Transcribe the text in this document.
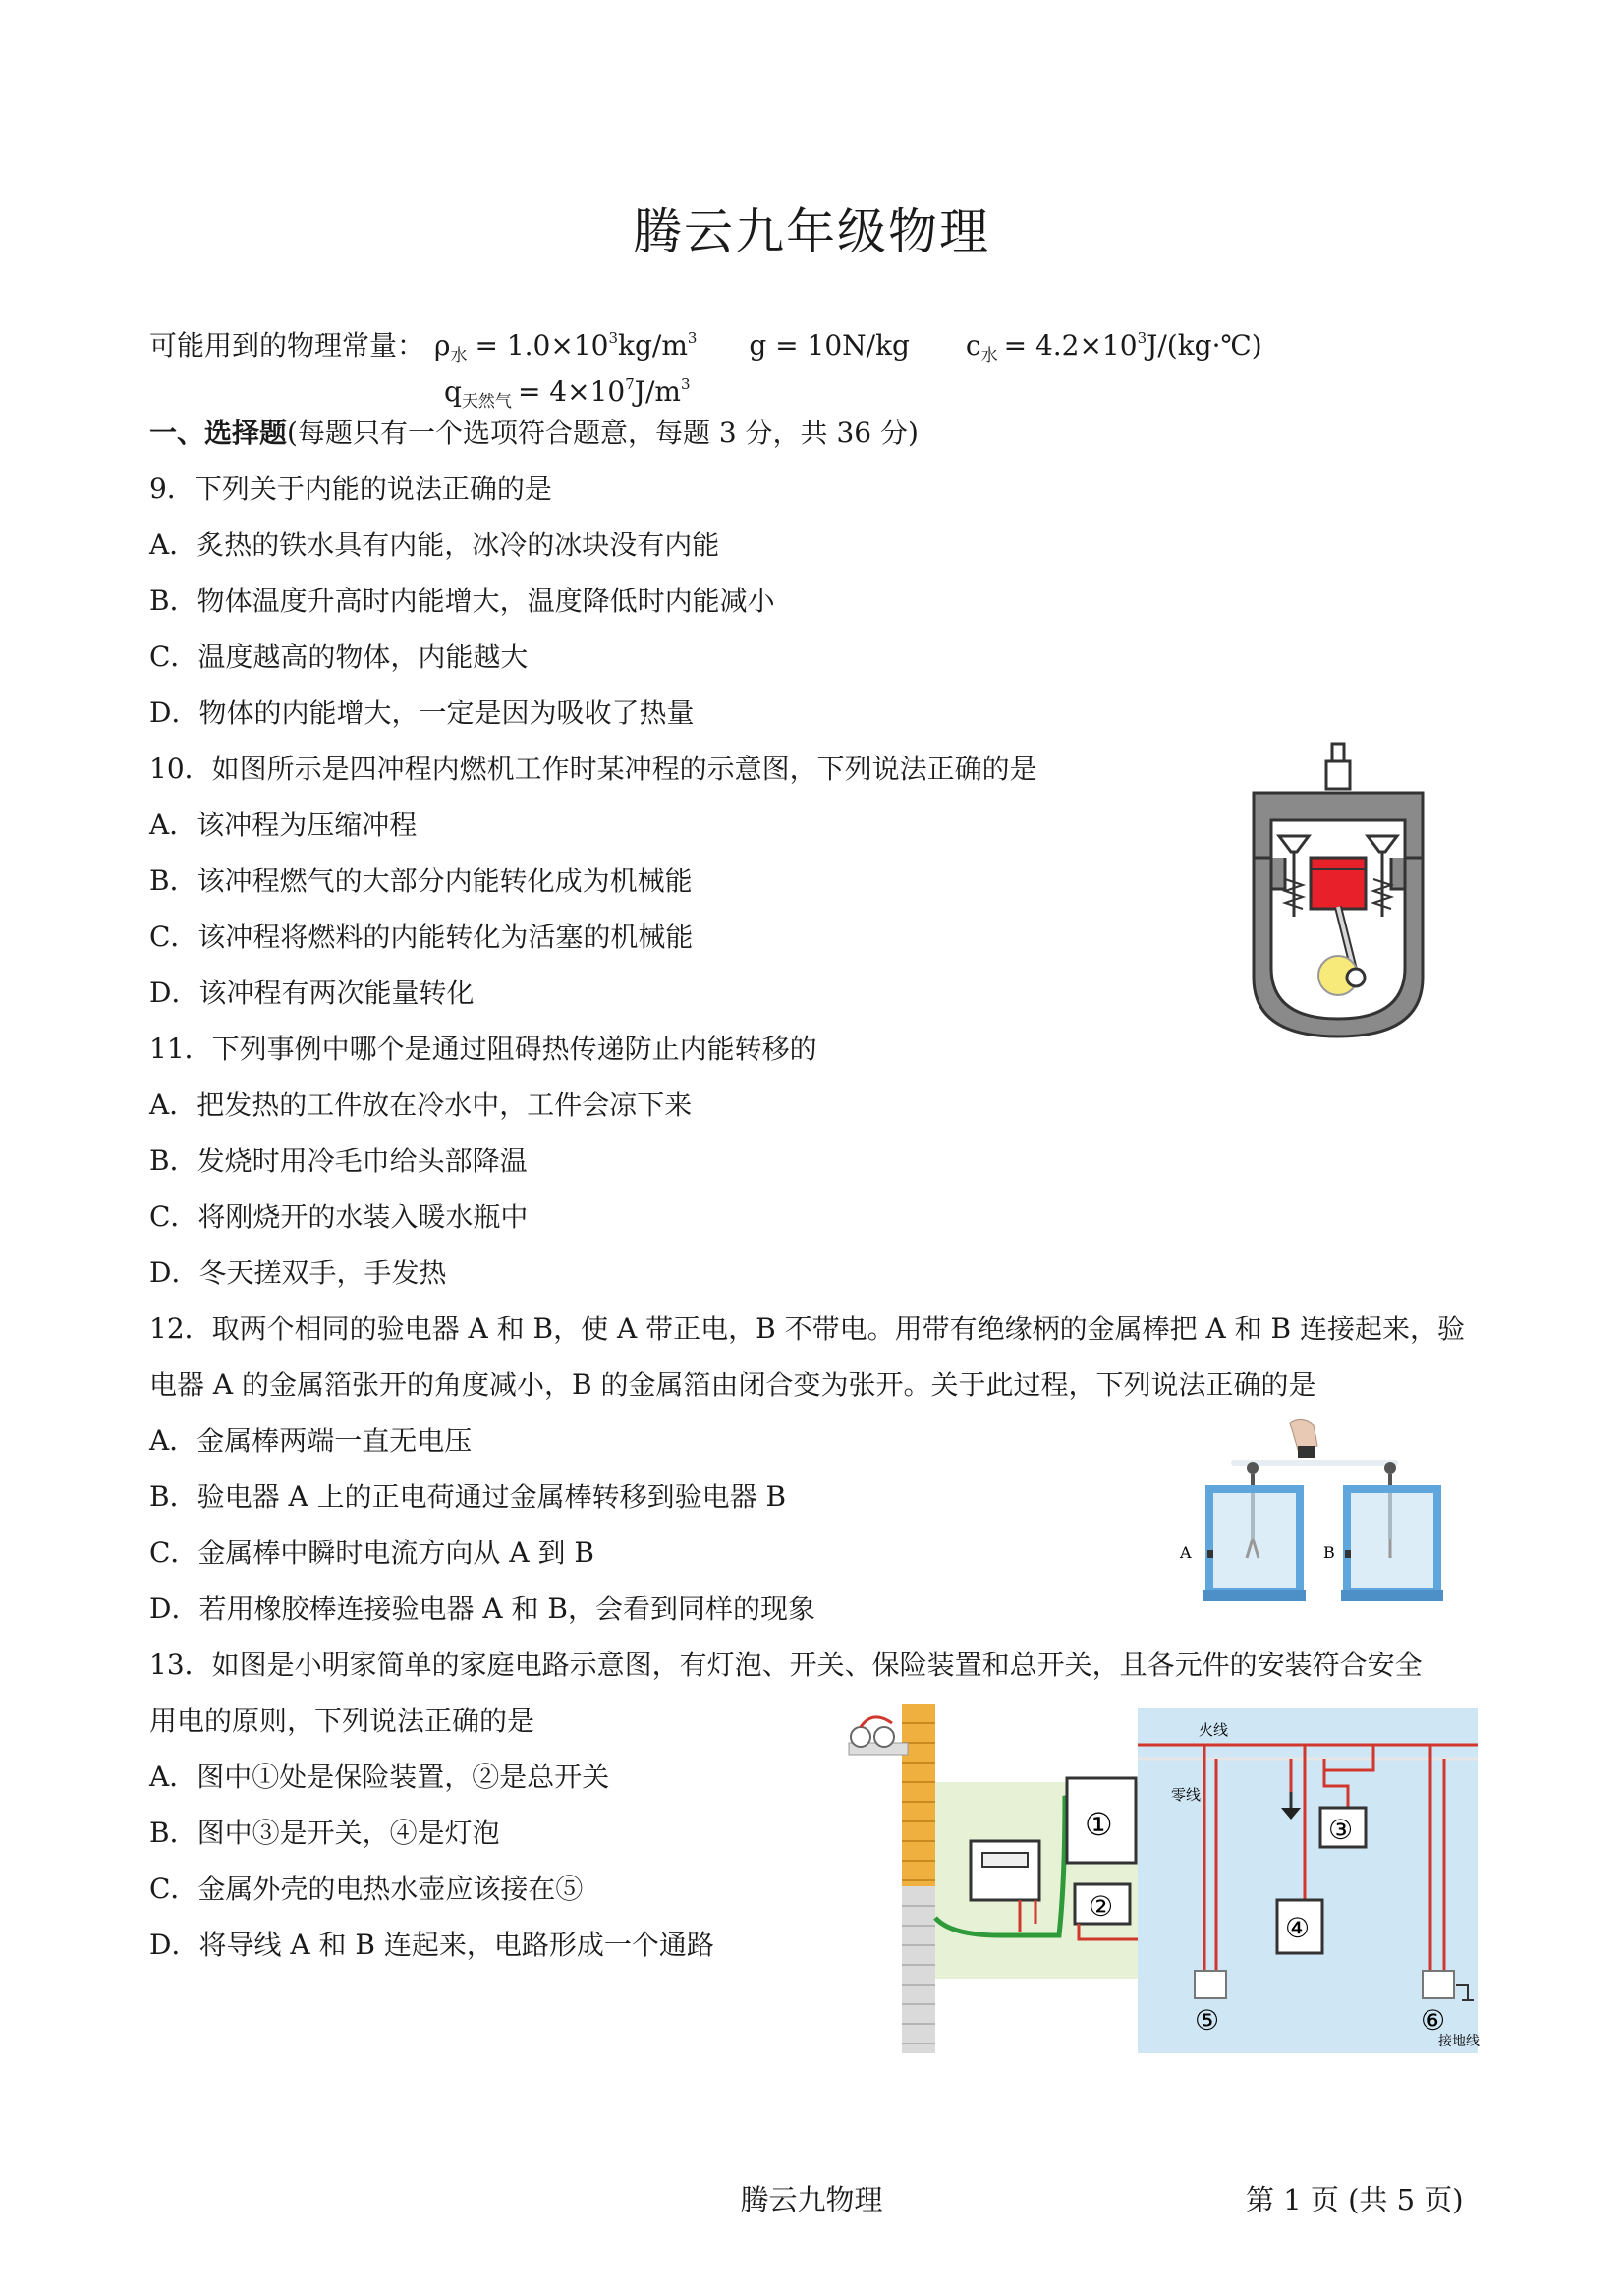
腾云九年级物理
可能用到的物理常量： ρ水 = 1.0×103kg/m3 g = 10N/kg c水 = 4.2×103J/(kg·℃)
q天然气 = 4×107J/m3
一、选择题(每题只有一个选项符合题意，每题 3 分，共 36 分)
9．下列关于内能的说法正确的是
A．炙热的铁水具有内能，冰冷的冰块没有内能
B．物体温度升高时内能增大，温度降低时内能减小
C．温度越高的物体，内能越大
D．物体的内能增大，一定是因为吸收了热量
10．如图所示是四冲程内燃机工作时某冲程的示意图，下列说法正确的是
A．该冲程为压缩冲程
B．该冲程燃气的大部分内能转化成为机械能
C．该冲程将燃料的内能转化为活塞的机械能
D．该冲程有两次能量转化
11．下列事例中哪个是通过阻碍热传递防止内能转移的
A．把发热的工件放在冷水中，工件会凉下来
B．发烧时用冷毛巾给头部降温
C．将刚烧开的水装入暖水瓶中
D．冬天搓双手，手发热
12．取两个相同的验电器 A 和 B，使 A 带正电，B 不带电。用带有绝缘柄的金属棒把 A 和 B 连接起来，验
电器 A 的金属箔张开的角度减小，B 的金属箔由闭合变为张开。关于此过程，下列说法正确的是
A．金属棒两端一直无电压
B．验电器 A 上的正电荷通过金属棒转移到验电器 B
C．金属棒中瞬时电流方向从 A 到 B
D．若用橡胶棒连接验电器 A 和 B，会看到同样的现象
13．如图是小明家简单的家庭电路示意图，有灯泡、开关、保险装置和总开关，且各元件的安装符合安全
用电的原则，下列说法正确的是
A．图中①处是保险装置，②是总开关
B．图中③是开关，④是灯泡
C．金属外壳的电热水壶应该接在⑤
D．将导线 A 和 B 连起来，电路形成一个通路
A	B
①
②
火线
零线
③
④
⑤	⑥
接地线
腾云九物理	第 1 页 (共 5 页)
